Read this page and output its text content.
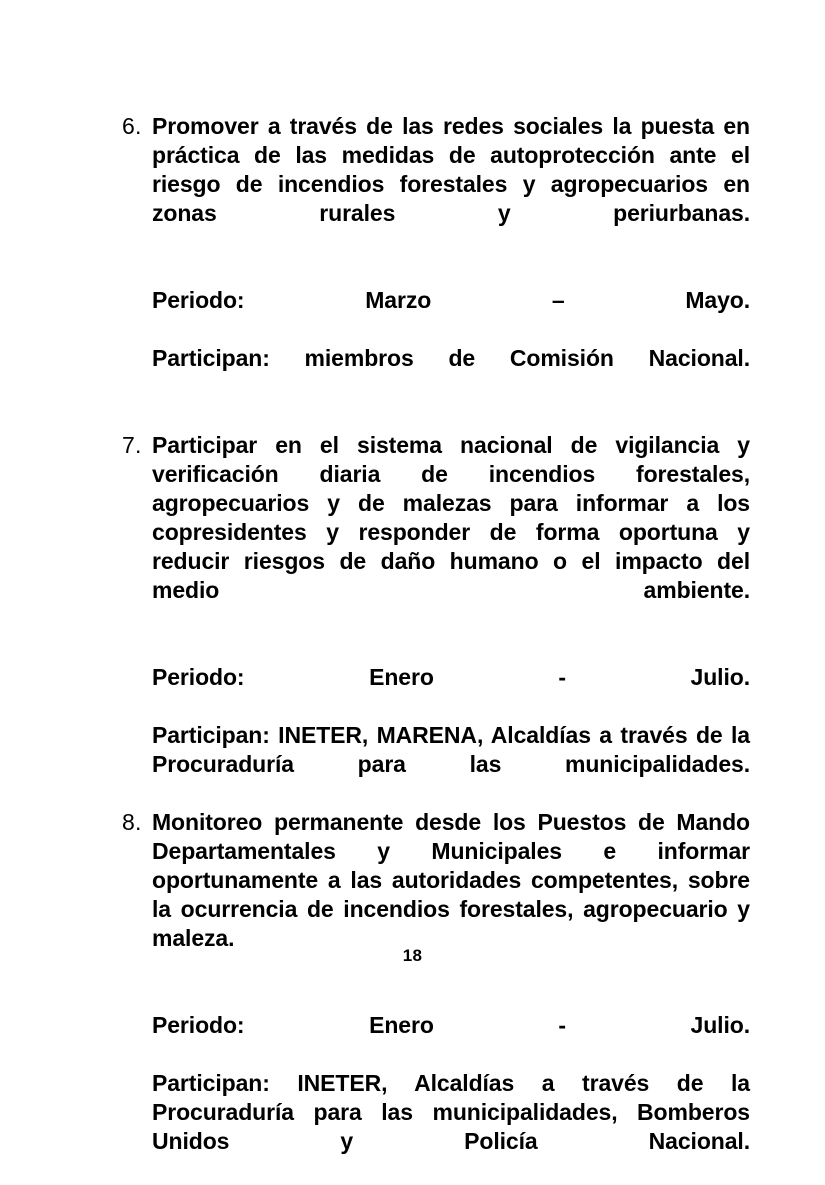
6. Promover a través de las redes sociales la puesta en práctica de las medidas de autoprotección ante el riesgo de incendios forestales y agropecuarios en zonas rurales y periurbanas.
Periodo: Marzo – Mayo.
Participan: miembros de Comisión Nacional.
7. Participar en el sistema nacional de vigilancia y verificación diaria de incendios forestales, agropecuarios y de malezas para informar a los copresidentes y responder de forma oportuna y reducir riesgos de daño humano o el impacto del medio ambiente.
Periodo: Enero - Julio.
Participan: INETER, MARENA, Alcaldías a través de la Procuraduría para las municipalidades.
8. Monitoreo permanente desde los Puestos de Mando Departamentales y Municipales e informar oportunamente a las autoridades competentes, sobre la ocurrencia de incendios forestales, agropecuario y maleza.
Periodo: Enero - Julio.
Participan: INETER, Alcaldías a través de la Procuraduría para las municipalidades, Bomberos Unidos y Policía Nacional.
18
